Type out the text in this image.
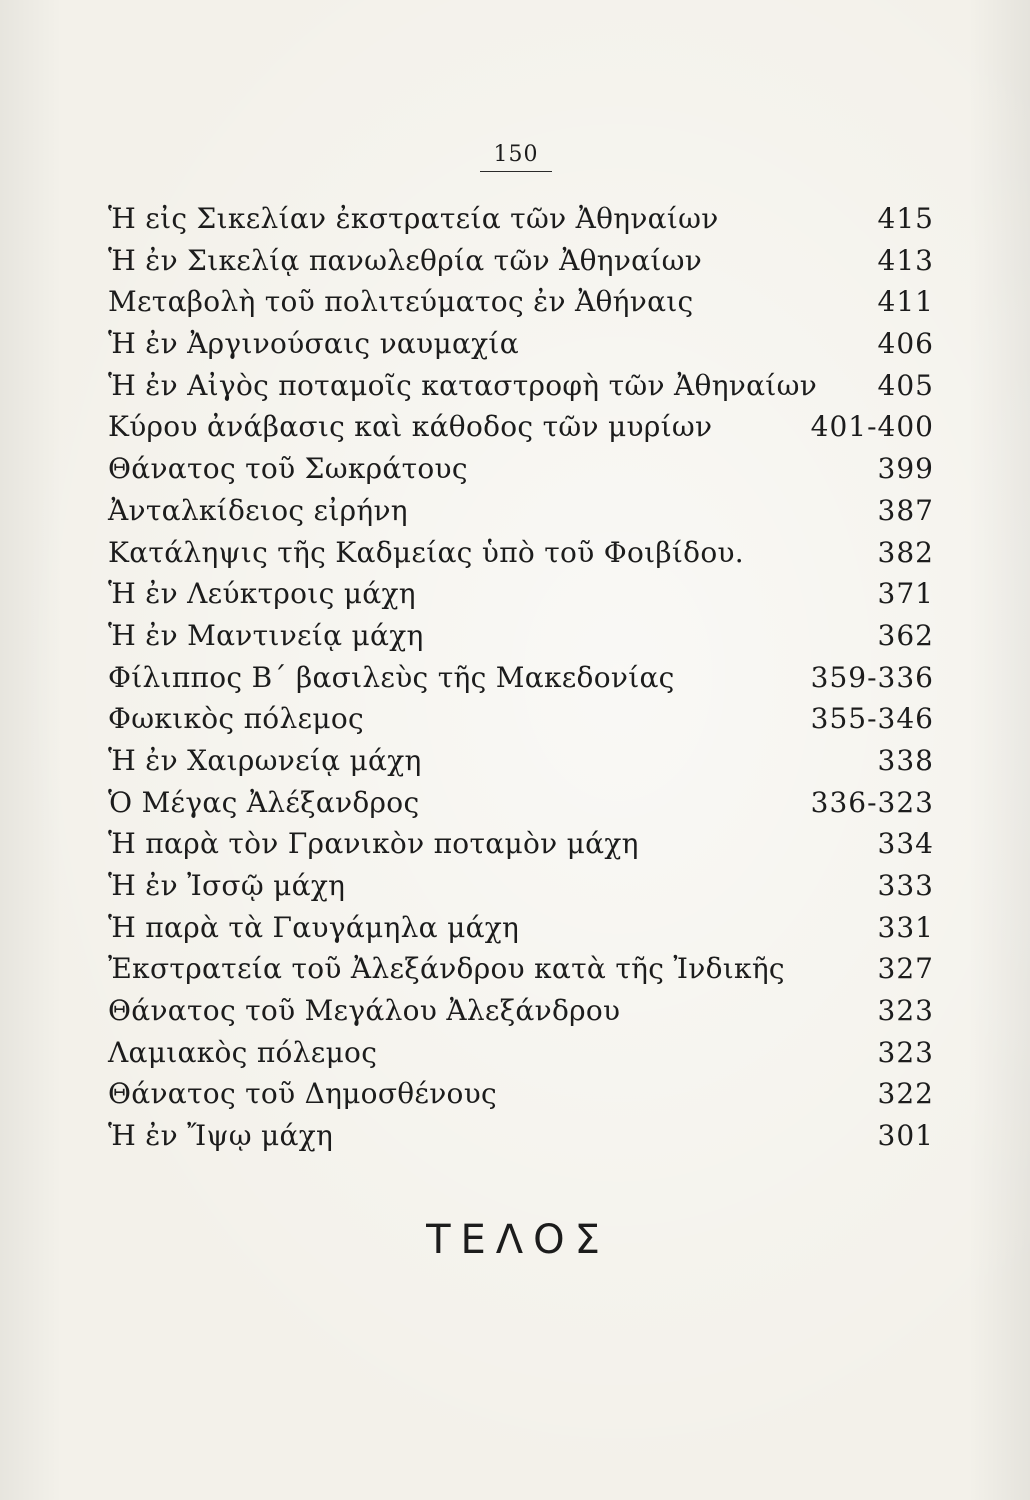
150
Ἡ εἰς Σικελίαν ἐκστρατεία τῶν Ἀθηναίων	415
Ἡ ἐν Σικελίᾳ πανωλεθρία τῶν Ἀθηναίων	413
Μεταβολὴ τοῦ πολιτεύματος ἐν Ἀθήναις	411
Ἡ ἐν Ἀργινούσαις ναυμαχία	406
Ἡ ἐν Αἰγὸς ποταμοῖς καταστροφὴ τῶν Ἀθηναίων 405
Κύρου ἀνάβασις καὶ κάθοδος τῶν μυρίων	401-400
Θάνατος τοῦ Σωκράτους	399
Ἀνταλκίδειος εἰρήνη	387
Κατάληψις τῆς Καδμείας ὑπὸ τοῦ Φοιβίδου.	382
Ἡ ἐν Λεύκτροις μάχη	371
Ἡ ἐν Μαντινείᾳ μάχη	362
Φίλιππος Β΄ βασιλεὺς τῆς Μακεδονίας	359-336
Φωκικὸς πόλεμος	355-346
Ἡ ἐν Χαιρωνείᾳ μάχη	338
Ὁ Μέγας Ἀλέξανδρος	336-323
Ἡ παρὰ τὸν Γρανικὸν ποταμὸν μάχη	334
Ἡ ἐν Ἰσσῷ μάχη	333
Ἡ παρὰ τὰ Γαυγάμηλα μάχη	331
Ἐκστρατεία τοῦ Ἀλεξάνδρου κατὰ τῆς Ἰνδικῆς	327
Θάνατος τοῦ Μεγάλου Ἀλεξάνδρου	323
Λαμιακὸς πόλεμος	323
Θάνατος τοῦ Δημοσθένους	322
Ἡ ἐν Ἴψῳ μάχη	301
ΤΕΛΟΣ
